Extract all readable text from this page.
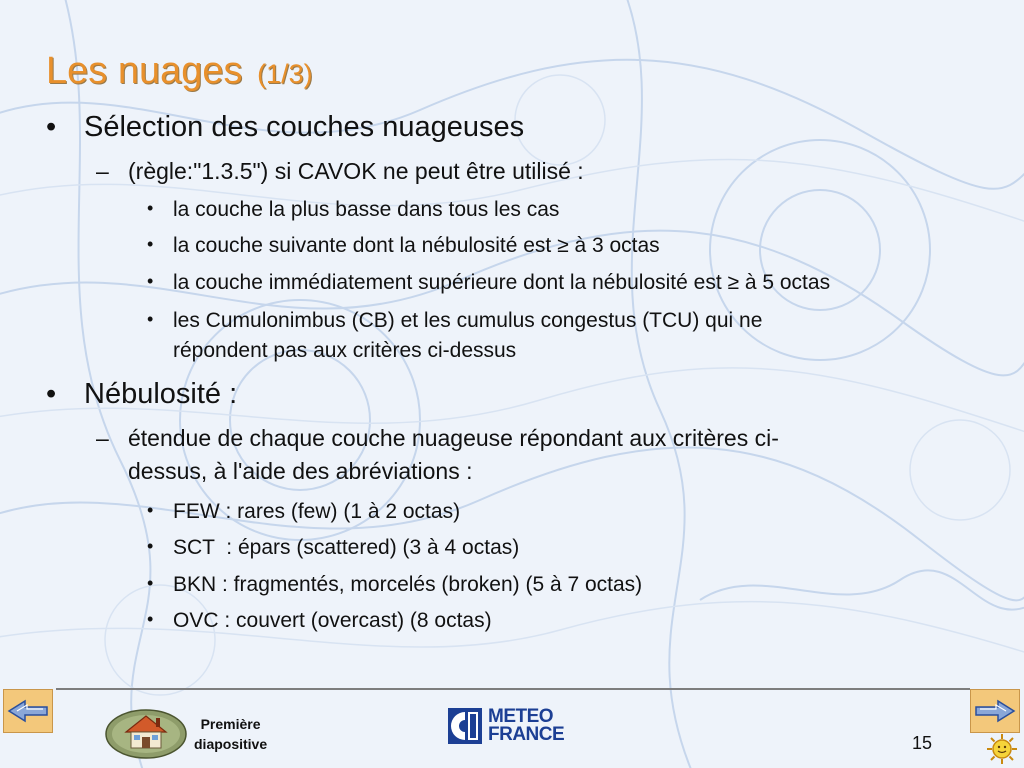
Les nuages (1/3)
• Sélection des couches nuageuses
– (règle:"1.3.5") si CAVOK ne peut être utilisé :
• la couche la plus basse dans tous les cas
• la couche suivante dont la nébulosité est ≥ à 3 octas
• la couche immédiatement supérieure dont la nébulosité est ≥ à 5 octas
• les Cumulonimbus (CB) et les cumulus congestus (TCU) qui ne
répondent pas aux critères ci-dessus
• Nébulosité :
– étendue de chaque couche nuageuse répondant aux critères ci-
dessus, à l'aide des abréviations :
• FEW : rares (few) (1 à 2 octas)
• SCT  : épars (scattered) (3 à 4 octas)
• BKN : fragmentés, morcelés (broken) (5 à 7 octas)
• OVC : couvert (overcast) (8 octas)
Première
diapositive
METEO
FRANCE	15
